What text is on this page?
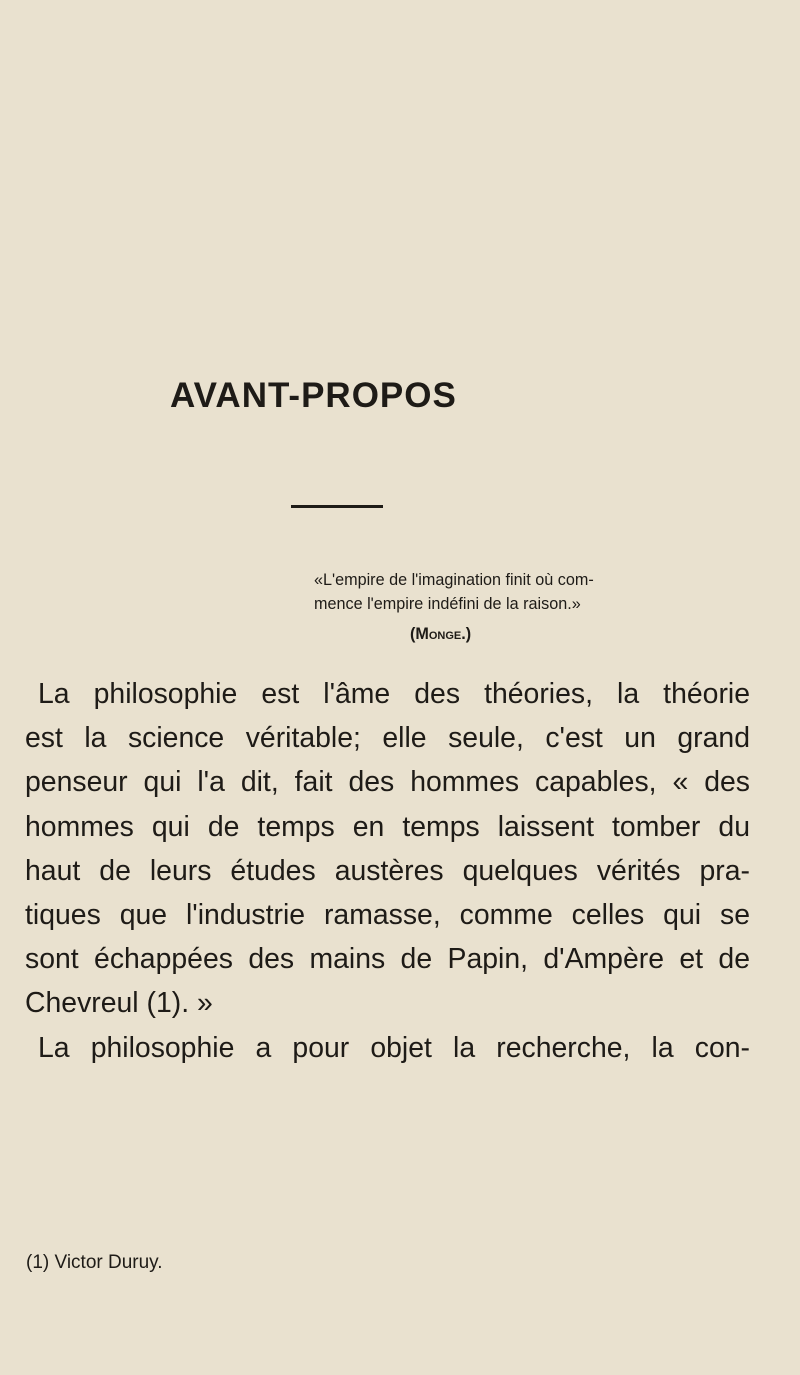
AVANT-PROPOS
«L'empire de l'imagination finit où com-
mence l'empire indéfini de la raison.»
(Monge.)
La philosophie est l'âme des théories, la théorie
est la science véritable; elle seule, c'est un grand
penseur qui l'a dit, fait des hommes capables, « des
hommes qui de temps en temps laissent tomber du
haut de leurs études austères quelques vérités pra-
tiques que l'industrie ramasse, comme celles qui se
sont échappées des mains de Papin, d'Ampère et de
Chevreul (1). »
La philosophie a pour objet la recherche, la con-
(1) Victor Duruy.
